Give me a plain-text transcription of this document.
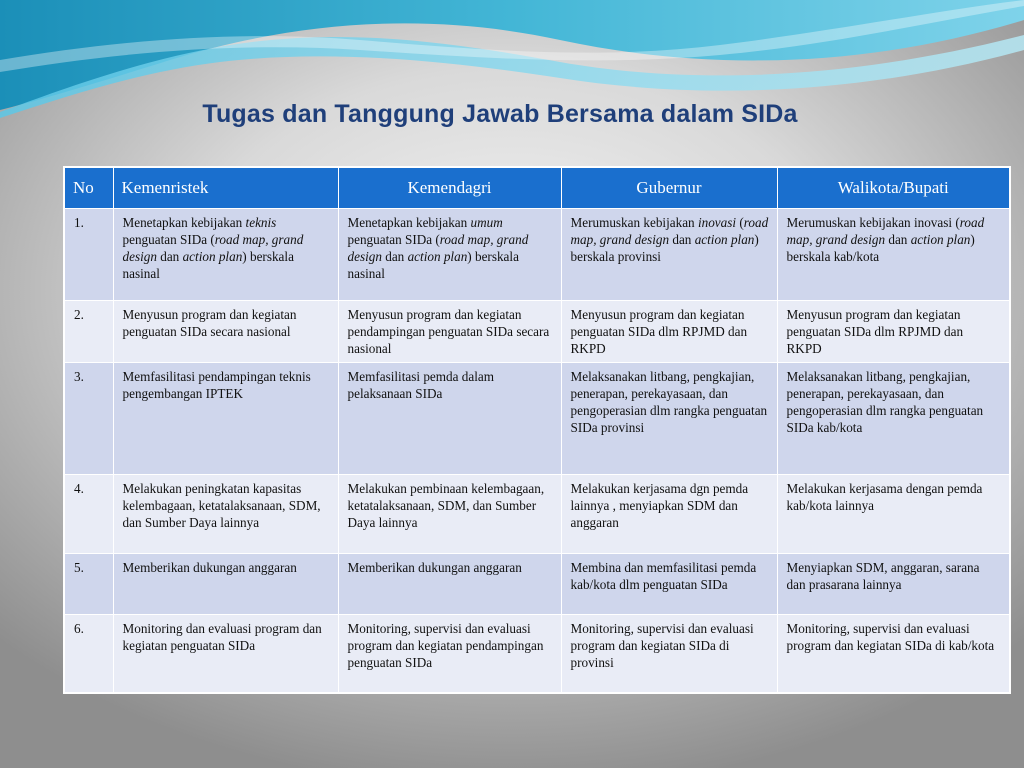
Tugas dan Tanggung Jawab Bersama dalam SIDa
No	Kemenristek	Kemendagri	Gubernur	Walikota/Bupati
1.	Menetapkan kebijakan teknis penguatan SIDa (road map, grand design dan action plan) berskala nasinal	Menetapkan kebijakan umum penguatan SIDa (road map, grand design dan action plan) berskala nasinal	Merumuskan kebijakan inovasi (road map, grand design dan action plan) berskala provinsi	Merumuskan kebijakan inovasi (road map, grand design dan action plan) berskala kab/kota
2.	Menyusun program dan kegiatan penguatan SIDa secara nasional	Menyusun program dan kegiatan pendampingan penguatan SIDa secara nasional	Menyusun program dan kegiatan penguatan SIDa dlm RPJMD dan RKPD	Menyusun program dan kegiatan penguatan SIDa dlm RPJMD dan RKPD
3.	Memfasilitasi pendampingan teknis pengembangan IPTEK	Memfasilitasi pemda dalam pelaksanaan SIDa	Melaksanakan litbang, pengkajian, penerapan, perekayasaan, dan pengoperasian dlm rangka penguatan SIDa provinsi	Melaksanakan litbang, pengkajian, penerapan, perekayasaan, dan pengoperasian dlm rangka penguatan SIDa kab/kota
4.	Melakukan peningkatan kapasitas kelembagaan, ketatalaksanaan, SDM, dan Sumber Daya lainnya	Melakukan pembinaan kelembagaan, ketatalaksanaan, SDM, dan Sumber Daya lainnya	Melakukan kerjasama dgn pemda lainnya , menyiapkan SDM dan anggaran	Melakukan kerjasama dengan pemda kab/kota lainnya
5.	Memberikan dukungan anggaran	Memberikan dukungan anggaran	Membina dan memfasilitasi pemda kab/kota dlm penguatan SIDa	Menyiapkan SDM, anggaran, sarana dan prasarana lainnya
6.	Monitoring dan evaluasi program dan kegiatan penguatan SIDa	Monitoring, supervisi dan evaluasi program dan kegiatan pendampingan penguatan SIDa	Monitoring, supervisi dan evaluasi program dan kegiatan SIDa di provinsi	Monitoring, supervisi dan evaluasi program dan kegiatan SIDa di kab/kota
